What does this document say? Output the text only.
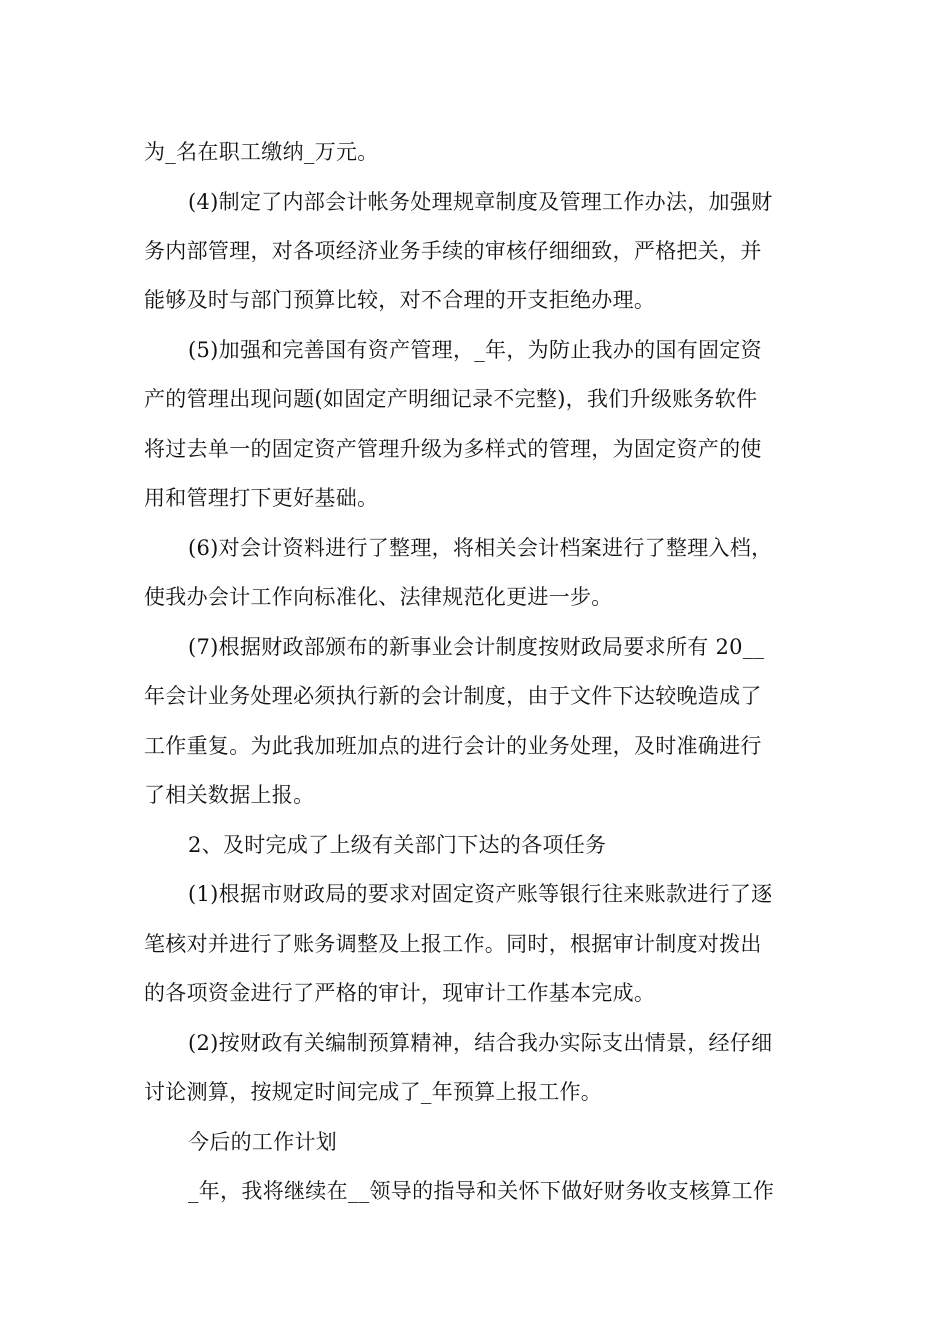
为_名在职工缴纳_万元。
(4)制定了内部会计帐务处理规章制度及管理工作办法，加强财
务内部管理，对各项经济业务手续的审核仔细细致，严格把关，并
能够及时与部门预算比较，对不合理的开支拒绝办理。
(5)加强和完善国有资产管理，_年，为防止我办的国有固定资
产的管理出现问题(如固定产明细记录不完整)，我们升级账务软件
将过去单一的固定资产管理升级为多样式的管理，为固定资产的使
用和管理打下更好基础。
(6)对会计资料进行了整理，将相关会计档案进行了整理入档，
使我办会计工作向标准化、法律规范化更进一步。
(7)根据财政部颁布的新事业会计制度按财政局要求所有 20__
年会计业务处理必须执行新的会计制度，由于文件下达较晚造成了
工作重复。为此我加班加点的进行会计的业务处理，及时准确进行
了相关数据上报。
2、及时完成了上级有关部门下达的各项任务
(1)根据市财政局的要求对固定资产账等银行往来账款进行了逐
笔核对并进行了账务调整及上报工作。同时，根据审计制度对拨出
的各项资金进行了严格的审计，现审计工作基本完成。
(2)按财政有关编制预算精神，结合我办实际支出情景，经仔细
讨论测算，按规定时间完成了_年预算上报工作。
今后的工作计划
_年，我将继续在__领导的指导和关怀下做好财务收支核算工作
